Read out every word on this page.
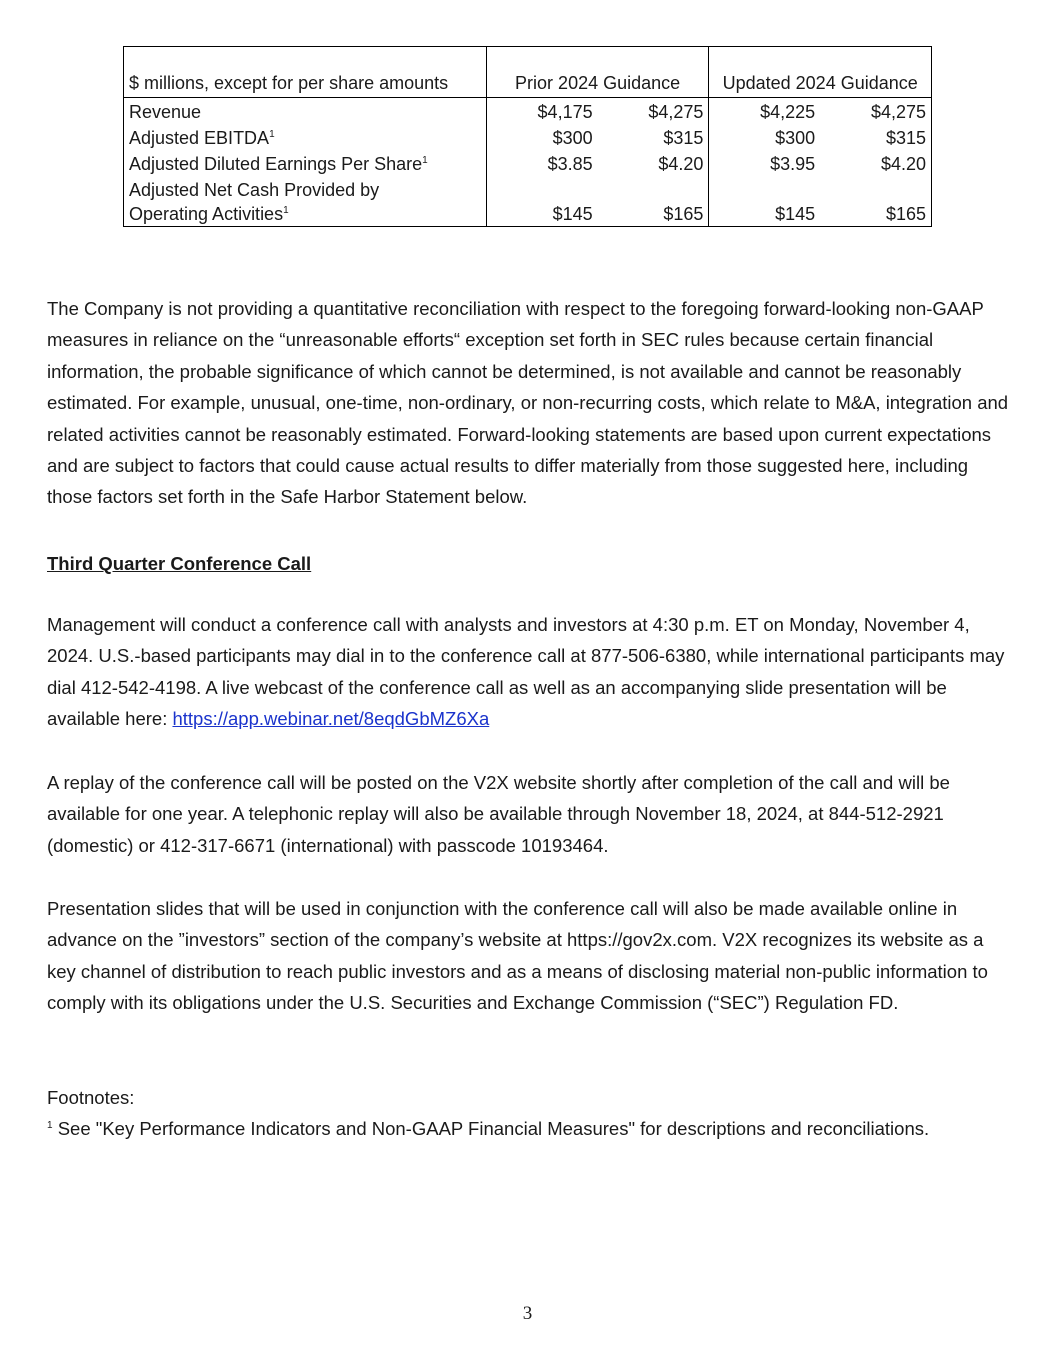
$ millions, except for per share amounts	Prior 2024 Guidance		Updated 2024 Guidance	
Revenue	$4,175	$4,275	$4,225	$4,275
Adjusted EBITDA$^1$	$300	$315	$300	$315
Adjusted Diluted Earnings Per Share$^1$	$3.85	$4.20	$3.95	$4.20
Adjusted Net Cash Provided by
Operating Activities$^1$	$145	$165	$145	$165

The Company is not providing a quantitative reconciliation with respect to the foregoing forward-looking non-GAAP measures in reliance on the “unreasonable efforts“ exception set forth in SEC rules because certain financial information, the probable significance of which cannot be determined, is not available and cannot be reasonably estimated. For example, unusual, one-time, non-ordinary, or non-recurring costs, which relate to M&A, integration and related activities cannot be reasonably estimated. Forward-looking statements are based upon current expectations and are subject to factors that could cause actual results to differ materially from those suggested here, including those factors set forth in the Safe Harbor Statement below.

Third Quarter Conference Call

Management will conduct a conference call with analysts and investors at 4:30 p.m. ET on Monday, November 4, 2024. U.S.-based participants may dial in to the conference call at 877-506-6380, while international participants may dial 412-542-4198. A live webcast of the conference call as well as an accompanying slide presentation will be available here: https://app.webinar.net/8eqdGbMZ6Xa

A replay of the conference call will be posted on the V2X website shortly after completion of the call and will be available for one year. A telephonic replay will also be available through November 18, 2024, at 844-512-2921 (domestic) or 412-317-6671 (international) with passcode 10193464.

Presentation slides that will be used in conjunction with the conference call will also be made available online in advance on the ”investors” section of the company’s website at https://gov2x.com. V2X recognizes its website as a key channel of distribution to reach public investors and as a means of disclosing material non-public information to comply with its obligations under the U.S. Securities and Exchange Commission (“SEC”) Regulation FD.

Footnotes:

$^1$ See "Key Performance Indicators and Non-GAAP Financial Measures" for descriptions and reconciliations.

3
